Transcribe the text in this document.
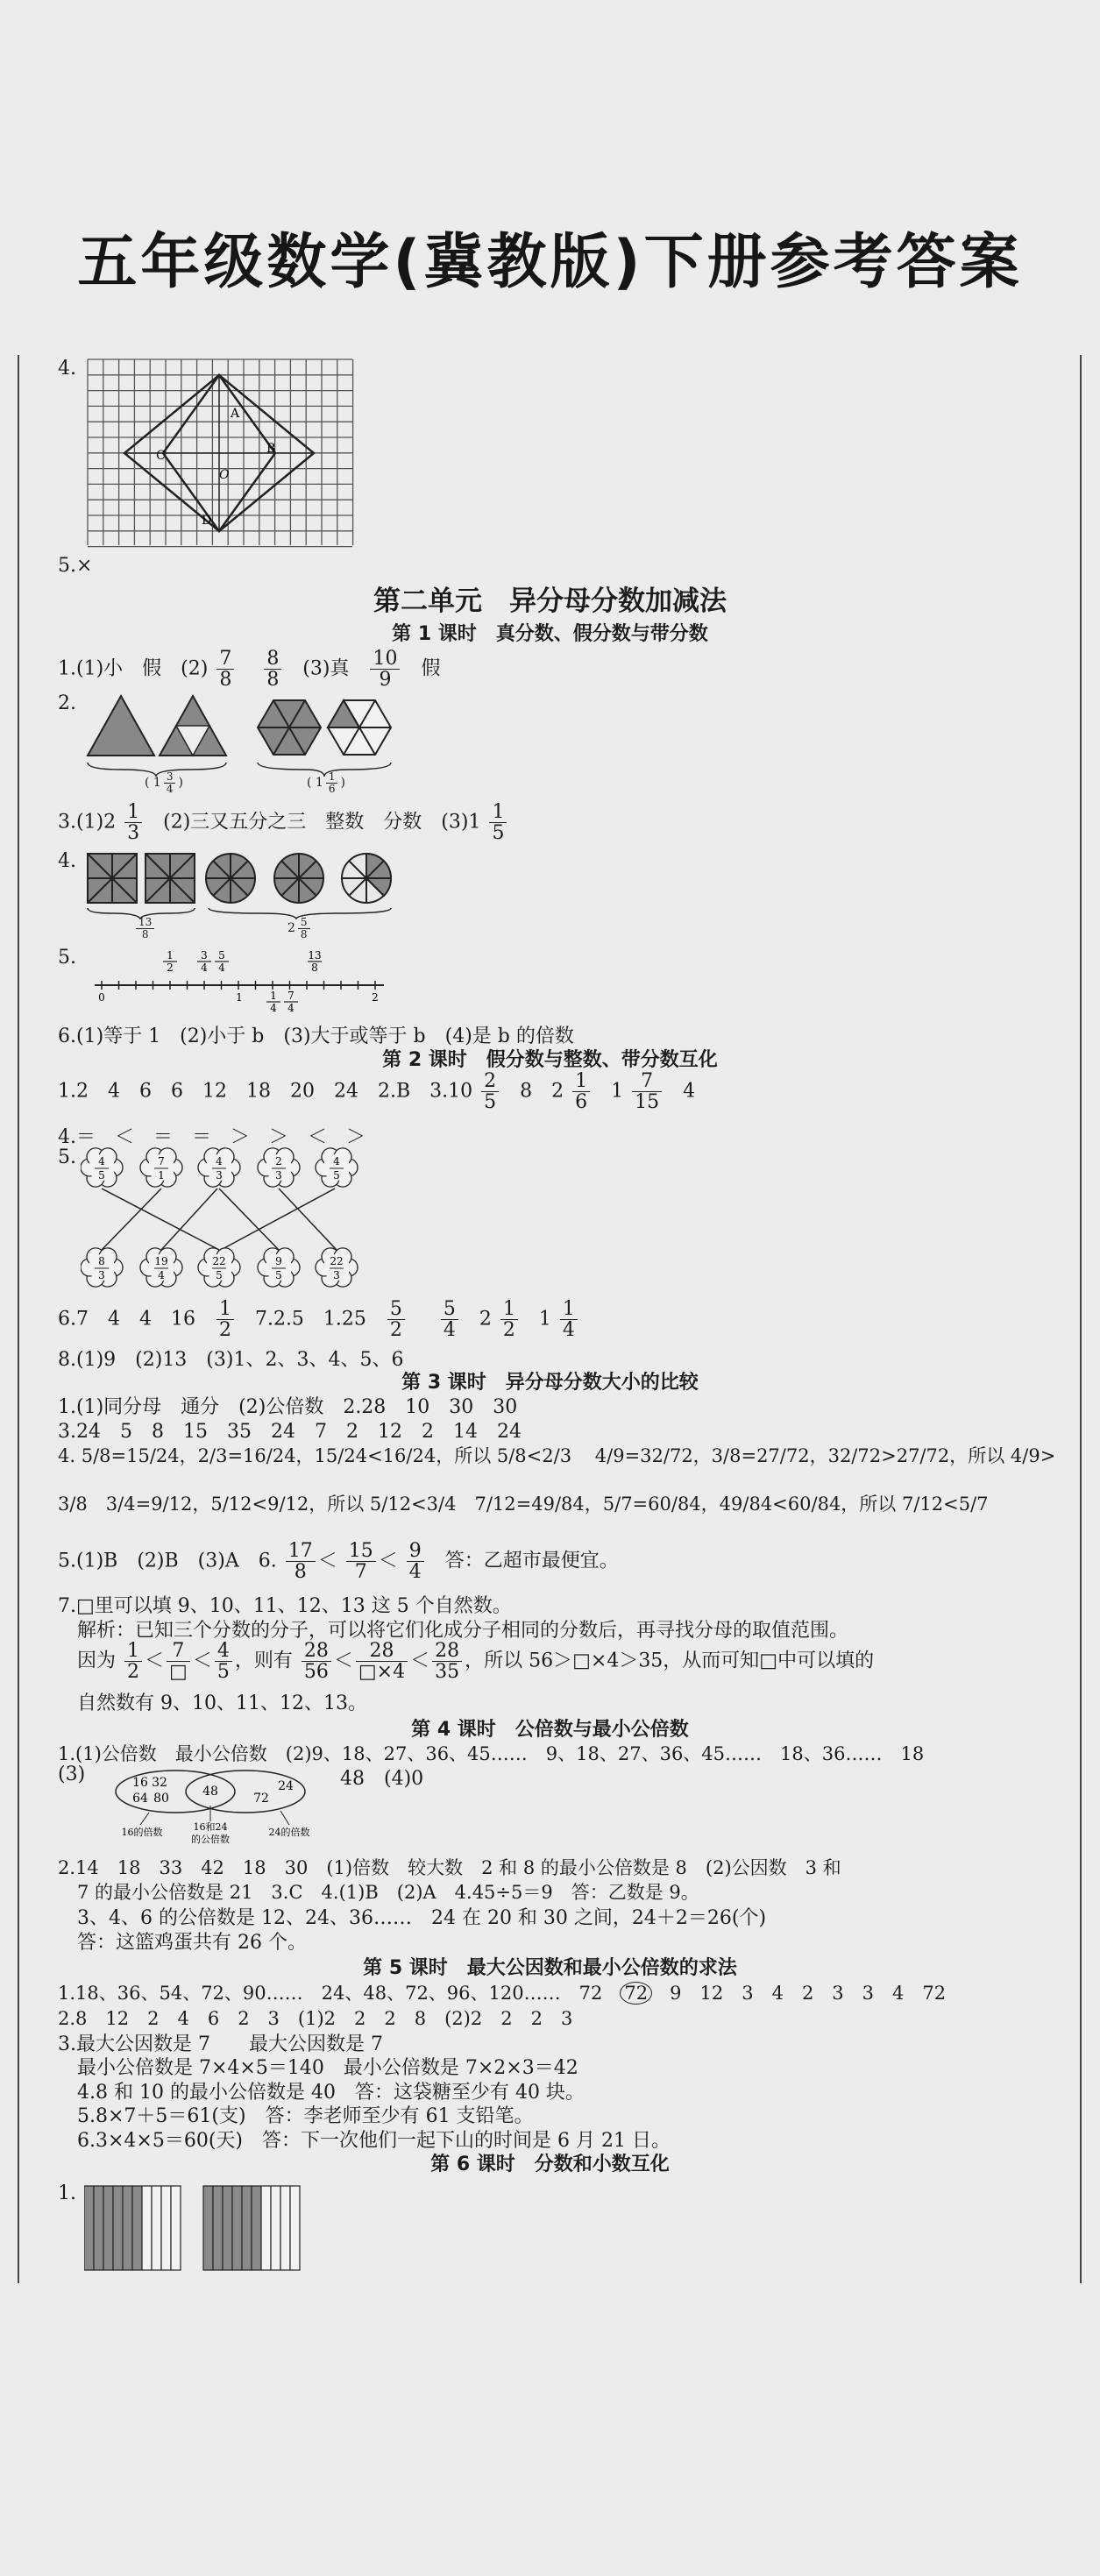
五年级数学(冀教版)下册参考答案
4.
A
B
C
D
O
5.×
第二单元　异分母分数加减法
第 1 课时　真分数、假分数与带分数
1.(1)小　假　$(2) \frac{7}{8}$
$\frac{8}{8} (3)$真 $\frac{10}{9}$ 假
2.
( $1 \frac{3}{4}$ )	( $1 \frac{1}{6}$ )
$3.(1)2 \frac{1}{3} (2)$三又五分之三　整数　分数　$(3)1 \frac{1}{5}$
4.
$\frac{13}{8}$	$2 \frac{5}{8}$
5.
0	1	2
1
2
3
4
5
4
13
8
1
4
7
4
6.(1)等于 1　(2)小于 b　(3)大于或等于 b　(4)是 b 的倍数
第 2 课时　假分数与整数、带分数互化
1.2　4　6　6　12　18　20　24　2.B　$3.10 \frac{2}{5} 8$　$2 \frac{1}{6} 1 \frac{7}{15} 4$
4.＝　＜　＝　＝　＞　＞　＜　＞
5. 4
5
7
1
4
3
2
3
4
5
8
3
19
4
22
5
9
5
22
3
6.7　4　4　$16 \frac{1}{2} 7.2.5$　$1.25 \frac{5}{2}$
$\frac{5}{4} 2 \frac{1}{2} 1 \frac{1}{4}$
8.(1)9　(2)13　(3)1、2、3、4、5、6
第 3 课时　异分母分数大小的比较
1.(1)同分母　通分　(2)公倍数　2.28　10　30　30
3.24　5　8　15　35　24　7　2　12　2　14　24
4. 5/8=15/24，2/3=16/24，15/24<16/24，所以 5/8<2/3 4/9=32/72，3/8=27/72，32/72>27/72，所以 4/9>
3/8　3/4=9/12，5/12<9/12，所以 5/12<3/4　7/12=49/84，5/7=60/84，49/84<60/84，所以 7/12<5/7
5.(1)B　(2)B　(3)A　6. $\frac{17}{8} < \frac{15}{7} < \frac{9}{4}$ 答：乙超市最便宜。
7.□里可以填 9、10、11、12、13 这 5 个自然数。
解析：已知三个分数的分子，可以将它们化成分子相同的分数后，再寻找分母的取值范围。
因为 $\frac{1}{2} < \frac{7}{□} < \frac{4}{5}$ ，则有 $\frac{28}{56} < \frac{28}{□\times 4} < \frac{28}{35}$ ，所以 56＞□×4＞35，从而可知□中可以填的
自然数有 9、10、11、12、13。
第 4 课时　公倍数与最小公倍数
1.(1)公倍数　最小公倍数　(2)9、18、27、36、45……　9、18、27、36、45……　18、36……　18
(3)	16 32
64 80	48	72
24
16的倍数	16和24
的公倍数
24的倍数
48　(4)0
2.14　18　33　42　18　30　(1)倍数　较大数　2 和 8 的最小公倍数是 8　(2)公因数　3 和
7 的最小公倍数是 21　3.C　4.(1)B　(2)A　4.45÷5＝9　答：乙数是 9。
3、4、6 的公倍数是 12、24、36……　24 在 20 和 30 之间，24＋2＝26(个)
答：这篮鸡蛋共有 26 个。
第 5 课时　最大公因数和最小公倍数的求法
1.18、36、54、72、90……　24、48、72、96、120……　72 72 9　12　3　4　2　3　3　4　72
2.8　12　2　4　6　2　3　(1)2　2　2　8　(2)2　2　2　3
3.最大公因数是 7　　最大公因数是 7
最小公倍数是 7×4×5＝140　最小公倍数是 7×2×3＝42
4.8 和 10 的最小公倍数是 40　答：这袋糖至少有 40 块。
5.8×7＋5＝61(支)　答：李老师至少有 61 支铅笔。
6.3×4×5＝60(天)　答：下一次他们一起下山的时间是 6 月 21 日。
第 6 课时　分数和小数互化
1.
